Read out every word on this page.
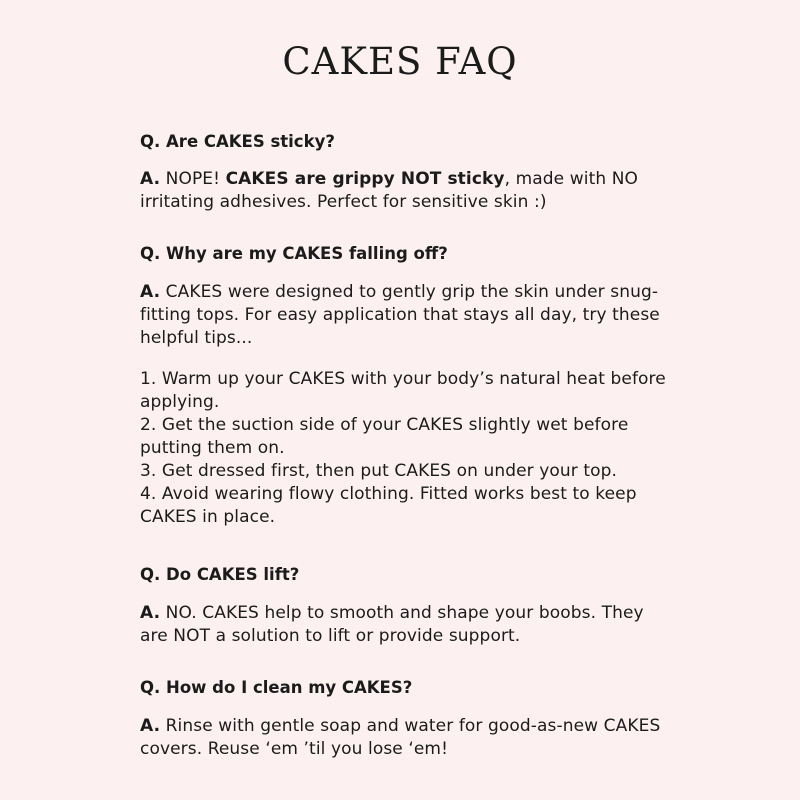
CAKES FAQ

Q. Are CAKES sticky?

A. NOPE! CAKES are grippy NOT sticky, made with NO irritating adhesives. Perfect for sensitive skin :)

Q. Why are my CAKES falling off?

A. CAKES were designed to gently grip the skin under snug-fitting tops. For easy application that stays all day, try these helpful tips...

1. Warm up your CAKES with your body’s natural heat before applying.
2. Get the suction side of your CAKES slightly wet before putting them on.
3. Get dressed first, then put CAKES on under your top.
4. Avoid wearing flowy clothing. Fitted works best to keep CAKES in place.

Q. Do CAKES lift?

A. NO. CAKES help to smooth and shape your boobs. They are NOT a solution to lift or provide support.

Q. How do I clean my CAKES?

A. Rinse with gentle soap and water for good-as-new CAKES covers. Reuse ‘em ’til you lose ‘em!
